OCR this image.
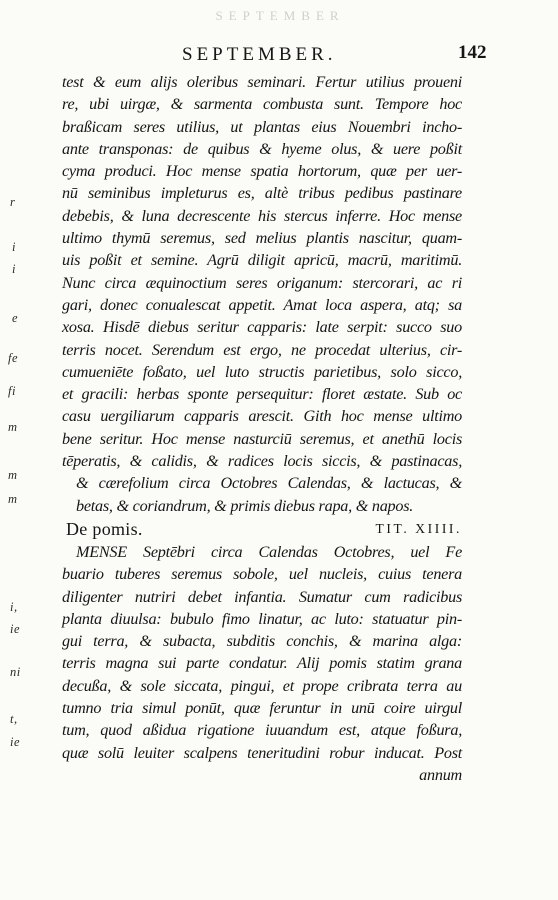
SEPTEMBER
SEPTEMBER.	142
r
i
i
e
fe
fi
m
m
m
i,
ie
ni
t,
ie
test & eum alijs oleribus seminari. Fertur utilius proueni
re, ubi uirgæ, & sarmenta combusta sunt. Tempore hoc
braßicam seres utilius, ut plantas eius Nouembri incho-
ante transponas: de quibus & hyeme olus, & uere poßit
cyma produci. Hoc mense spatia hortorum, quæ per uer-
nū seminibus impleturus es, altè tribus pedibus pastinare
debebis, & luna decrescente his stercus inferre. Hoc mense
ultimo thymū seremus, sed melius plantis nascitur, quam-
uis poßit et semine. Agrū diligit apricū, macrū, maritimū.
Nunc circa æquinoctium seres origanum: stercorari, ac ri
gari, donec conualescat appetit. Amat loca aspera, atq; sa
xosa. Hisdē diebus seritur capparis: late serpit: succo suo
terris nocet. Serendum est ergo, ne procedat ulterius, cir-
cumueniēte foßato, uel luto structis parietibus, solo sicco,
et gracili: herbas sponte persequitur: floret æstate. Sub oc
casu uergiliarum capparis arescit. Gith hoc mense ultimo
bene seritur. Hoc mense nasturciū seremus, et anethū locis
tēperatis, & calidis, & radices locis siccis, & pastinacas,
& cærefolium circa Octobres Calendas, & lactucas, &
betas, & coriandrum, & primis diebus rapa, & napos.
De pomis.	TIT. XIIII.
MENSE Septēbri circa Calendas Octobres, uel Fe
buario tuberes seremus sobole, uel nucleis, cuius tenera
diligenter nutriri debet infantia. Sumatur cum radicibus
planta diuulsa: bubulo fimo linatur, ac luto: statuatur pin-
gui terra, & subacta, subditis conchis, & marina alga:
terris magna sui parte condatur. Alij pomis statim grana
decußa, & sole siccata, pingui, et prope cribrata terra au
tumno tria simul ponūt, quæ feruntur in unū coire uirgul
tum, quod aßidua rigatione iuuandum est, atque foßura,
quæ solū leuiter scalpens teneritudini robur inducat. Post
annum
